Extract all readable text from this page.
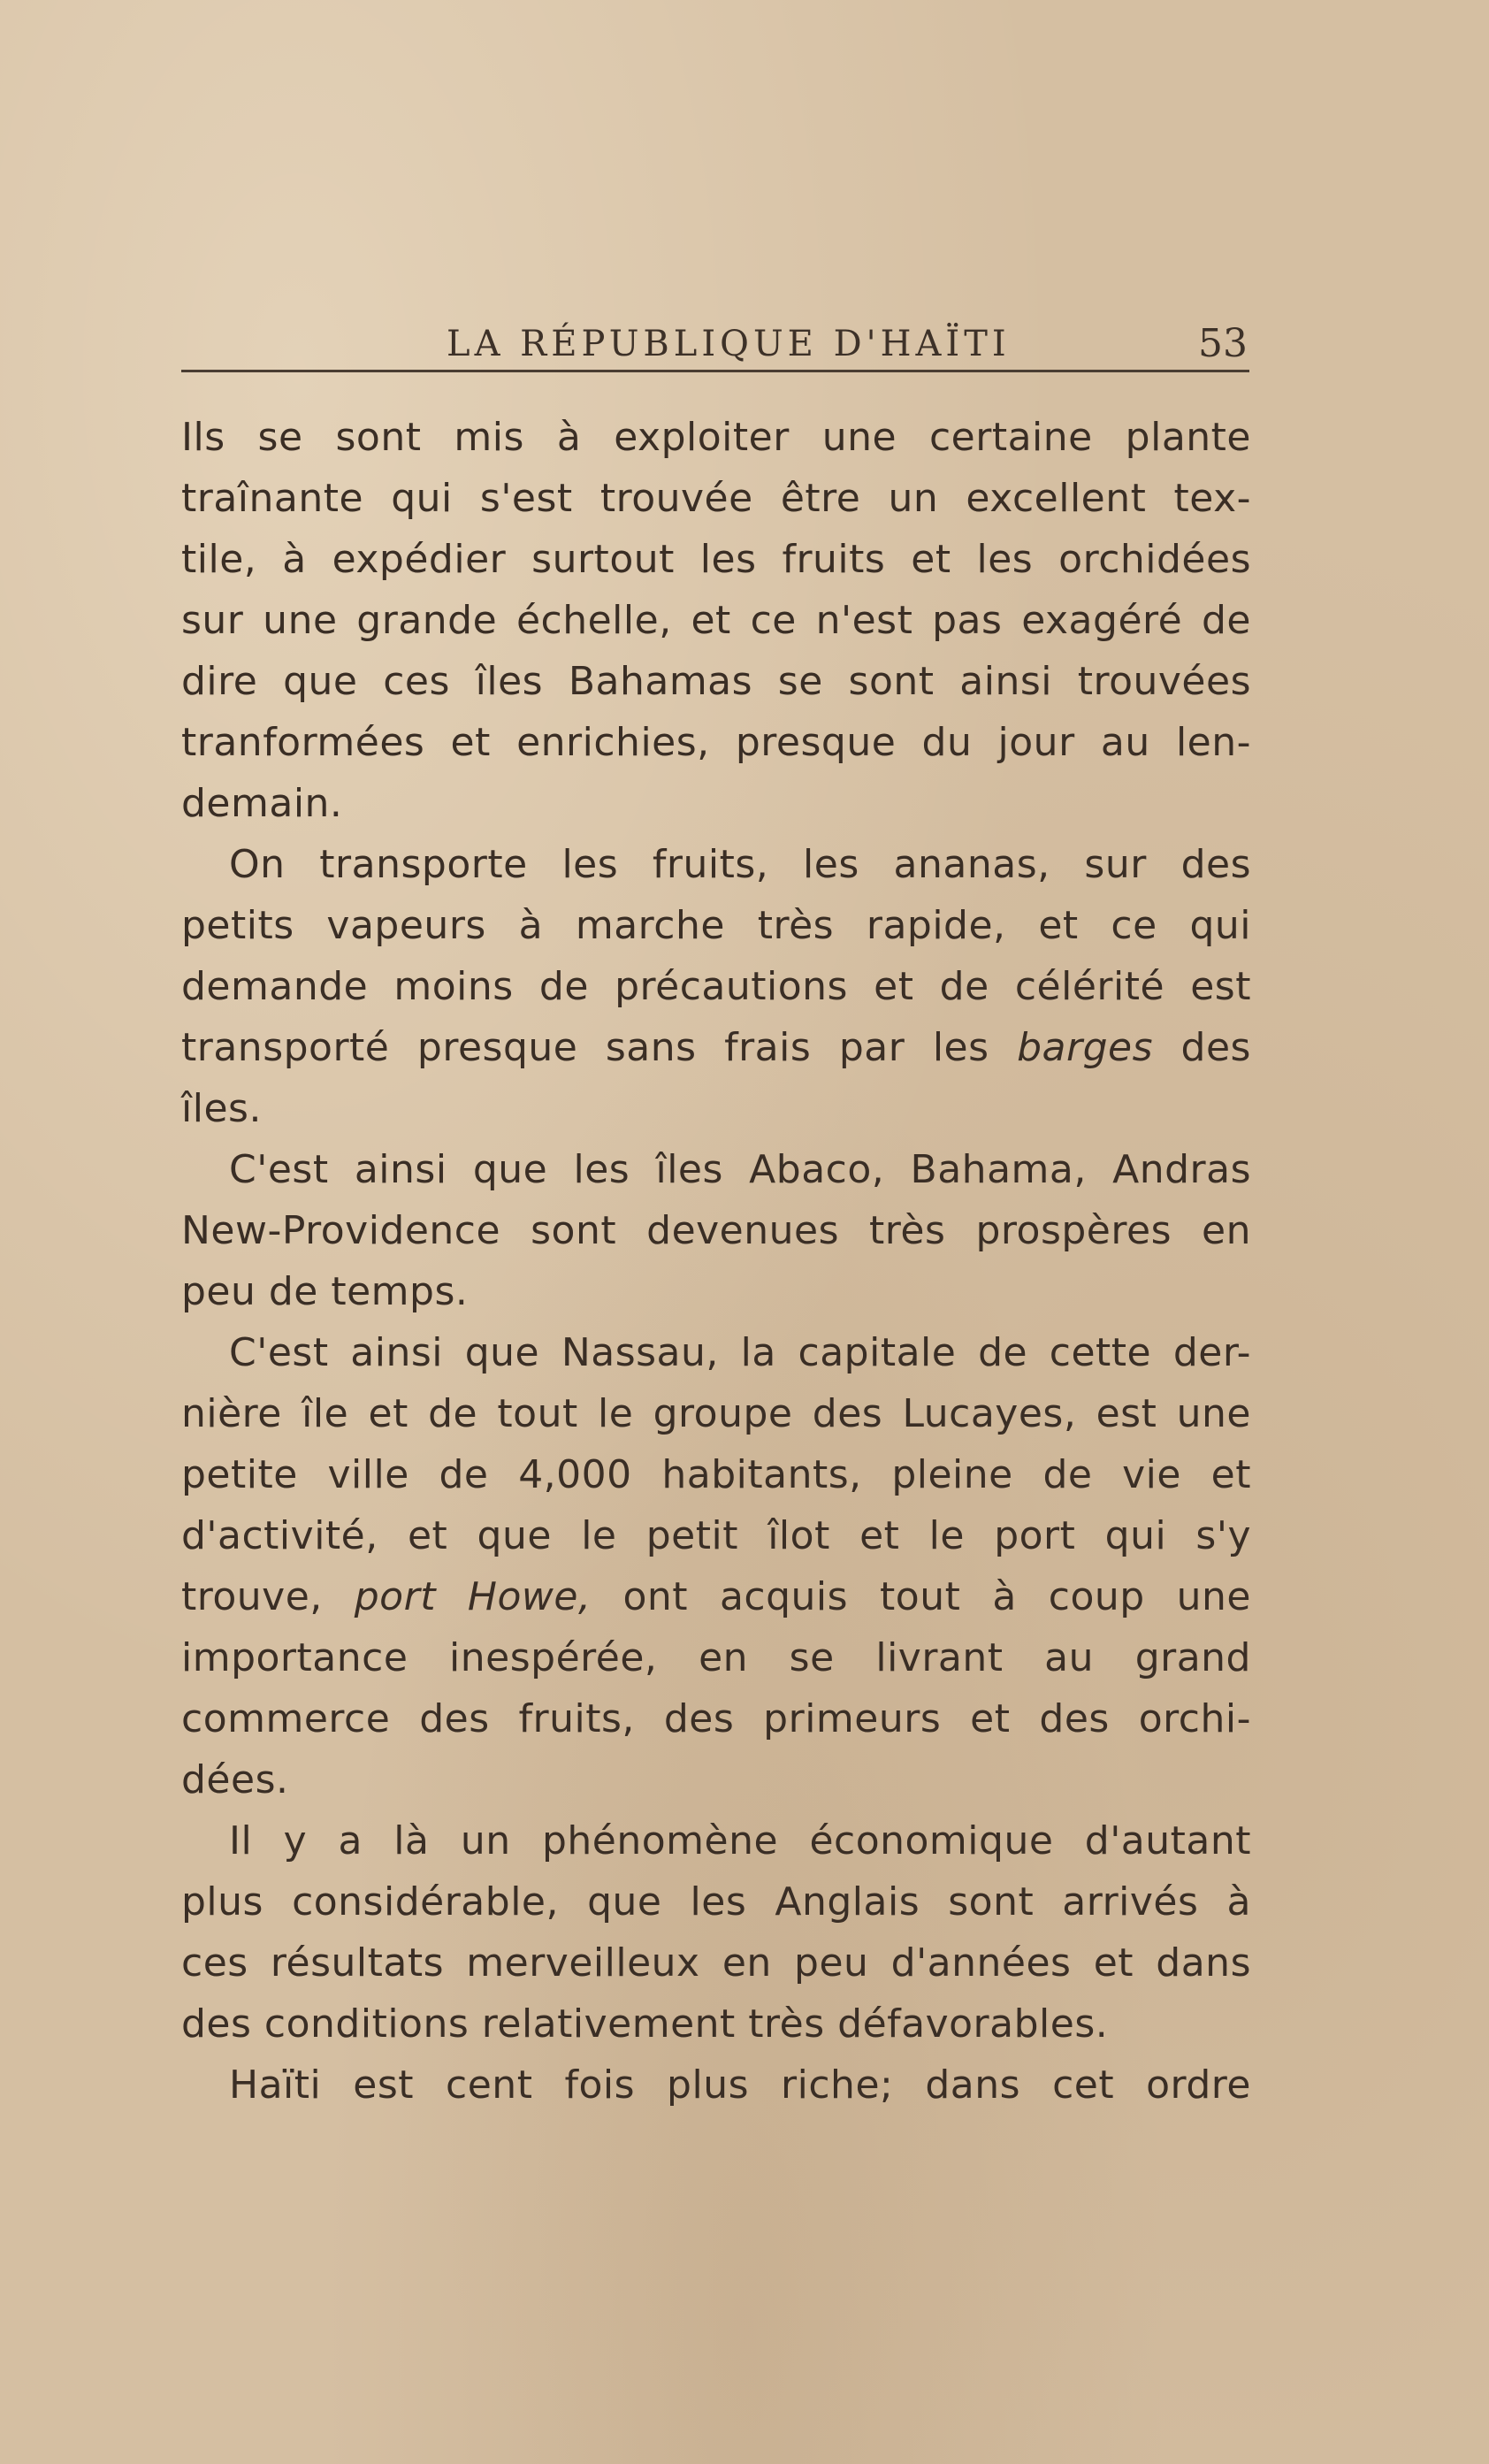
LA RÉPUBLIQUE D'HAÏTI	53
Ils se sont mis à exploiter une certaine plante
traînante qui s'est trouvée être un excellent tex-
tile, à expédier surtout les fruits et les orchidées
sur une grande échelle, et ce n'est pas exagéré de
dire que ces îles Bahamas se sont ainsi trouvées
tranformées et enrichies, presque du jour au len-
demain.
On transporte les fruits, les ananas, sur des
petits vapeurs à marche très rapide, et ce qui
demande moins de précautions et de célérité est
transporté presque sans frais par les barges des
îles.
C'est ainsi que les îles Abaco, Bahama, Andras
New-Providence sont devenues très prospères en
peu de temps.
C'est ainsi que Nassau, la capitale de cette der-
nière île et de tout le groupe des Lucayes, est une
petite ville de 4,000 habitants, pleine de vie et
d'activité, et que le petit îlot et le port qui s'y
trouve, port Howe, ont acquis tout à coup une
importance inespérée, en se livrant au grand
commerce des fruits, des primeurs et des orchi-
dées.
Il y a là un phénomène économique d'autant
plus considérable, que les Anglais sont arrivés à
ces résultats merveilleux en peu d'années et dans
des conditions relativement très défavorables.
Haïti est cent fois plus riche; dans cet ordre
